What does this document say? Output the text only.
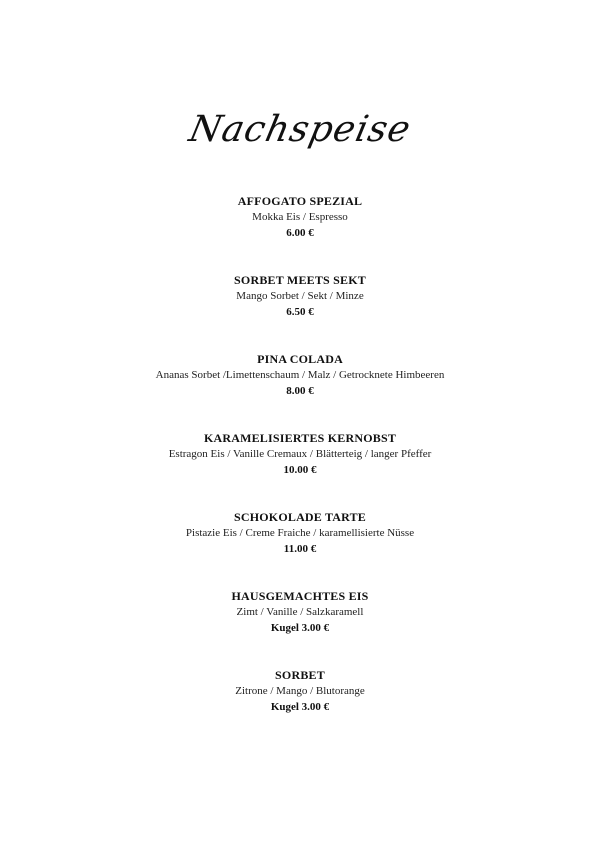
Nachspeise
AFFOGATO SPEZIAL
Mokka Eis / Espresso
6.00 €
SORBET MEETS SEKT
Mango Sorbet / Sekt / Minze
6.50 €
PINA COLADA
Ananas Sorbet /Limettenschaum / Malz / Getrocknete Himbeeren
8.00 €
KARAMELISIERTES KERNOBST
Estragon Eis / Vanille Cremaux / Blätterteig / langer Pfeffer
10.00 €
SCHOKOLADE TARTE
Pistazie Eis / Creme Fraiche / karamellisierte Nüsse
11.00 €
HAUSGEMACHTES EIS
Zimt / Vanille / Salzkaramell
Kugel 3.00 €
SORBET
Zitrone / Mango / Blutorange
Kugel 3.00 €
